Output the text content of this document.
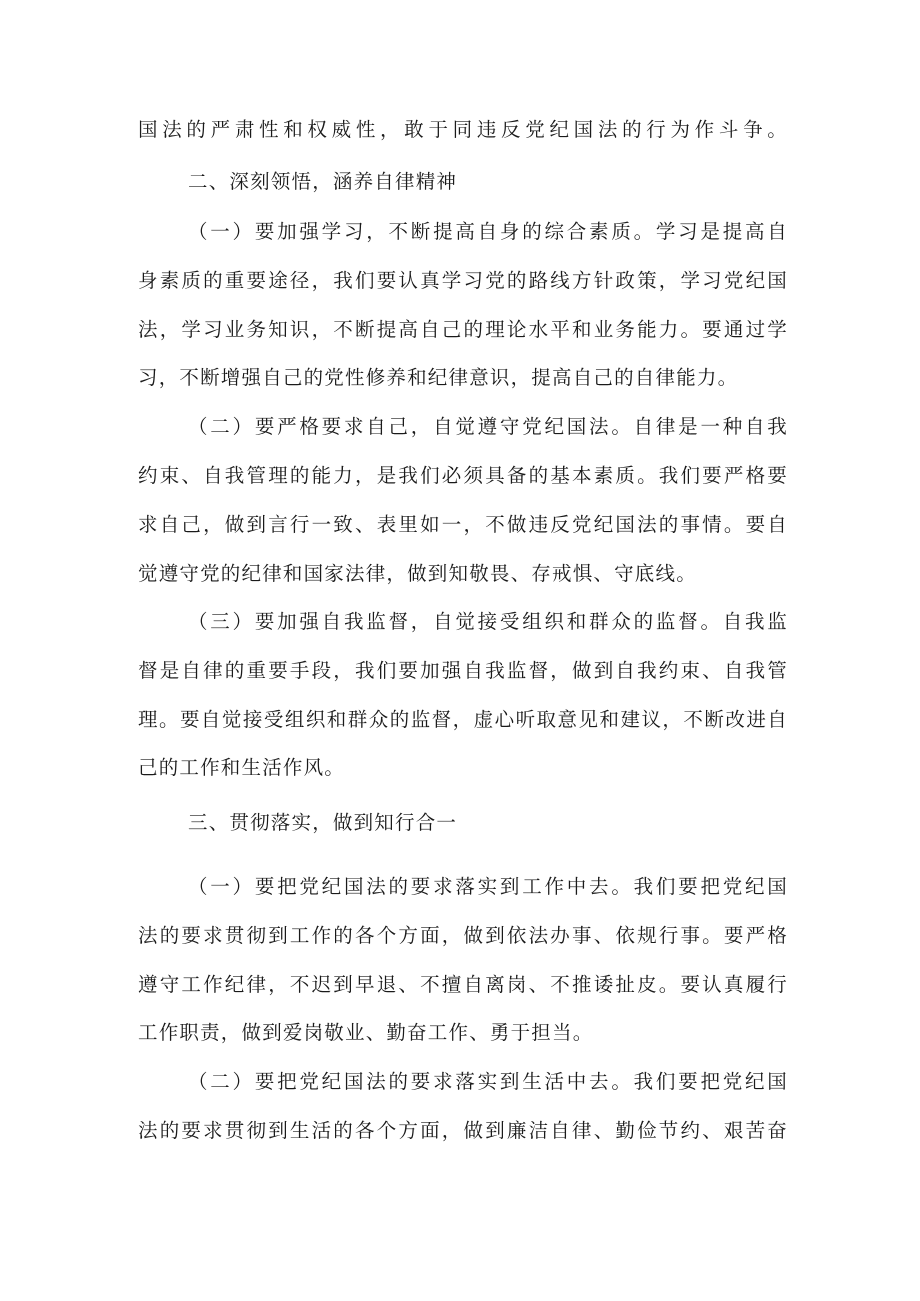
国法的严肃性和权威性，敢于同违反党纪国法的行为作斗争。
二、深刻领悟，涵养自律精神
（一）要加强学习，不断提高自身的综合素质。学习是提高自
身素质的重要途径，我们要认真学习党的路线方针政策，学习党纪国
法，学习业务知识，不断提高自己的理论水平和业务能力。要通过学
习，不断增强自己的党性修养和纪律意识，提高自己的自律能力。
（二）要严格要求自己，自觉遵守党纪国法。自律是一种自我
约束、自我管理的能力，是我们必须具备的基本素质。我们要严格要
求自己，做到言行一致、表里如一，不做违反党纪国法的事情。要自
觉遵守党的纪律和国家法律，做到知敬畏、存戒惧、守底线。
（三）要加强自我监督，自觉接受组织和群众的监督。自我监
督是自律的重要手段，我们要加强自我监督，做到自我约束、自我管
理。要自觉接受组织和群众的监督，虚心听取意见和建议，不断改进自
己的工作和生活作风。
三、贯彻落实，做到知行合一
（一）要把党纪国法的要求落实到工作中去。我们要把党纪国
法的要求贯彻到工作的各个方面，做到依法办事、依规行事。要严格
遵守工作纪律，不迟到早退、不擅自离岗、不推诿扯皮。要认真履行
工作职责，做到爱岗敬业、勤奋工作、勇于担当。
（二）要把党纪国法的要求落实到生活中去。我们要把党纪国
法的要求贯彻到生活的各个方面，做到廉洁自律、勤俭节约、艰苦奋
